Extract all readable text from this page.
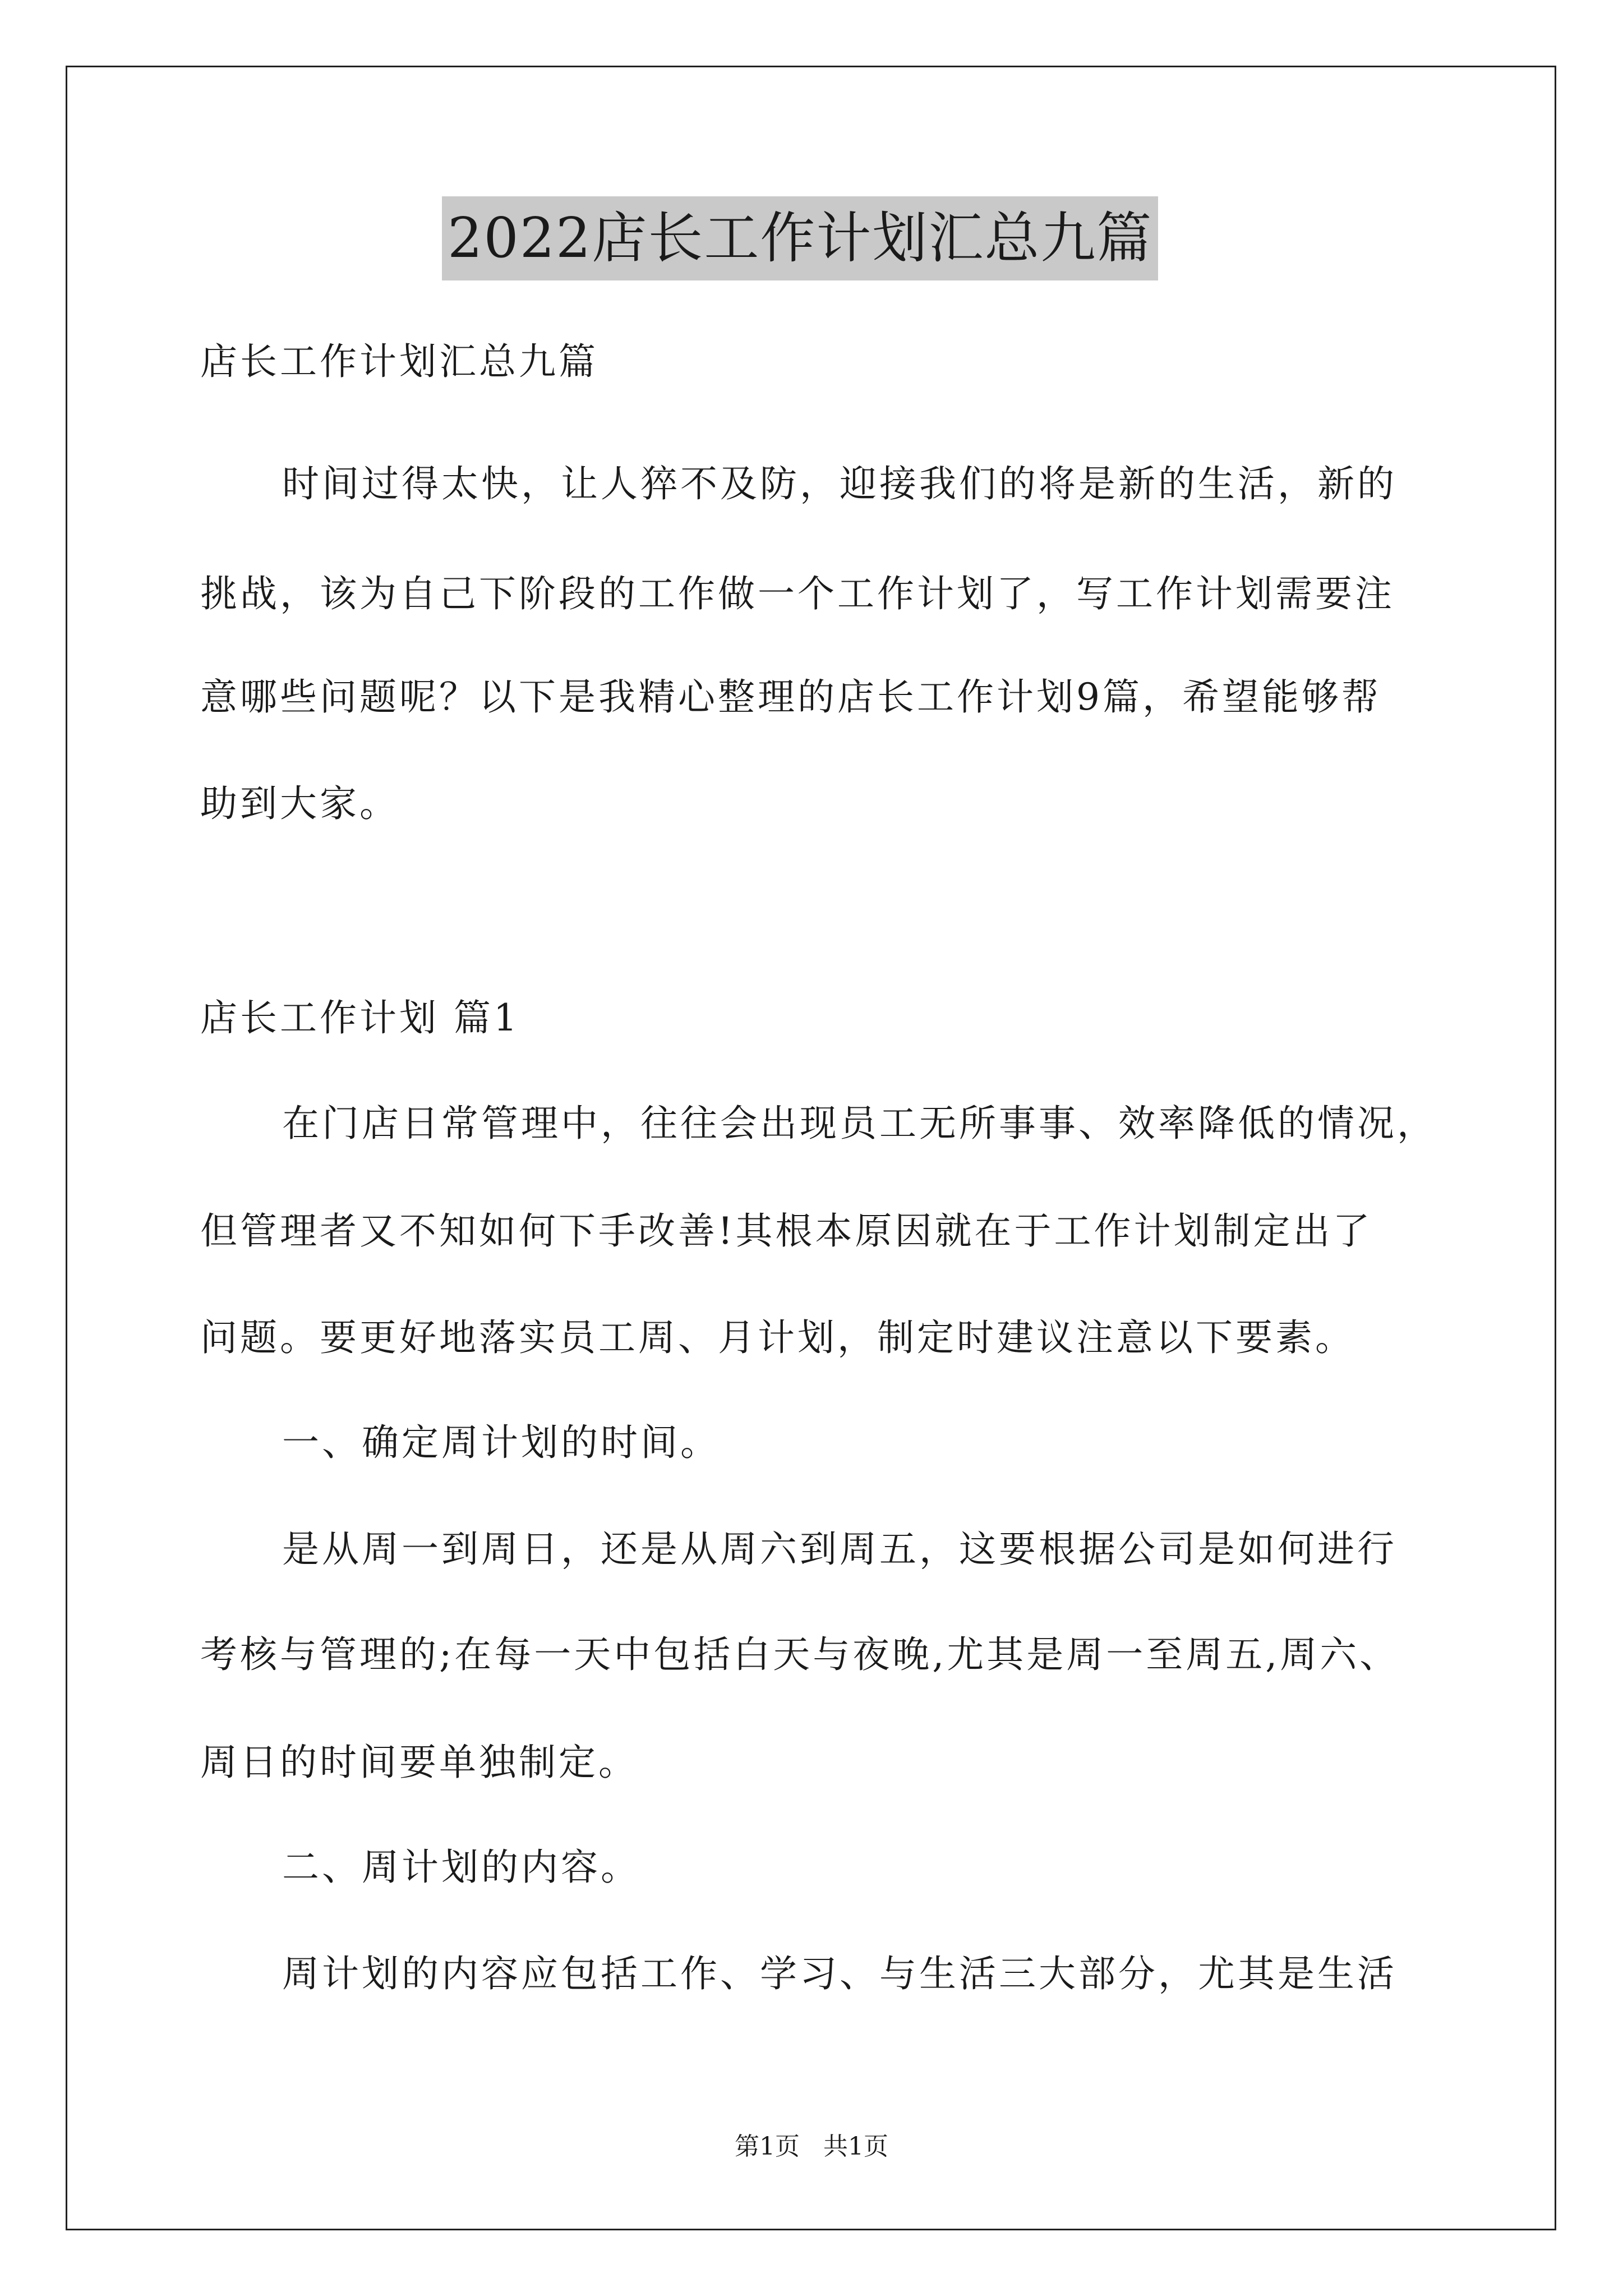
2022店长工作计划汇总九篇
店长工作计划汇总九篇
时间过得太快，让人猝不及防，迎接我们的将是新的生活，新的
挑战，该为自己下阶段的工作做一个工作计划了，写工作计划需要注
意哪些问题呢？以下是我精心整理的店长工作计划9篇，希望能够帮
助到大家。
店长工作计划 篇1
在门店日常管理中，往往会出现员工无所事事、效率降低的情况，
但管理者又不知如何下手改善!其根本原因就在于工作计划制定出了
问题。要更好地落实员工周、月计划，制定时建议注意以下要素。
一、确定周计划的时间。
是从周一到周日，还是从周六到周五，这要根据公司是如何进行
考核与管理的;在每一天中包括白天与夜晚,尤其是周一至周五,周六、
周日的时间要单独制定。
二、周计划的内容。
周计划的内容应包括工作、学习、与生活三大部分，尤其是生活
第1页   共1页
